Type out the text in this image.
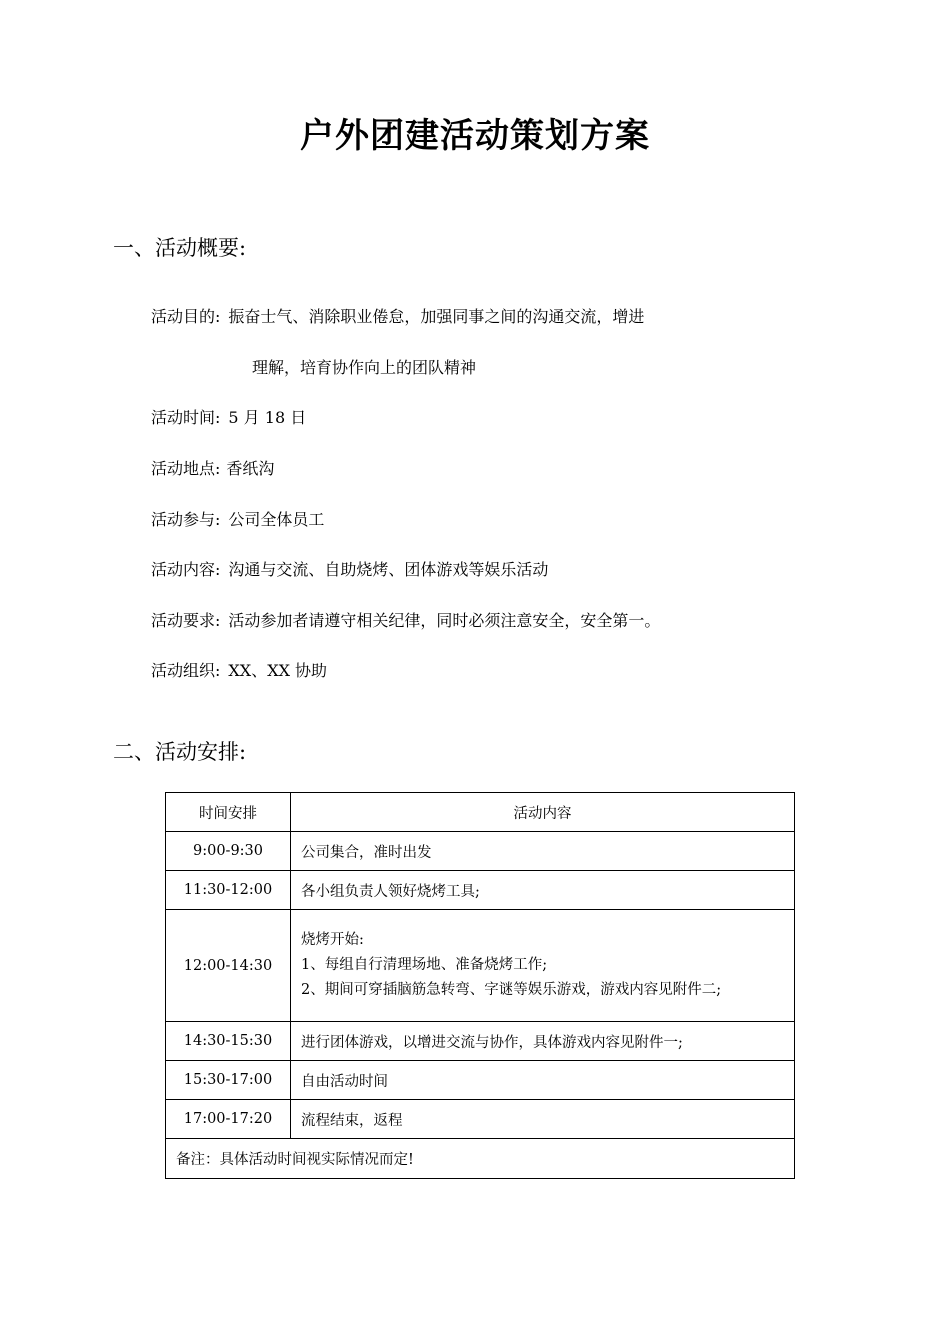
户外团建活动策划方案
一、活动概要:
活动目的: 振奋士气、消除职业倦怠，加强同事之间的沟通交流，增进
理解，培育协作向上的团队精神
活动时间: 5 月 18 日
活动地点: 香纸沟
活动参与: 公司全体员工
活动内容: 沟通与交流、自助烧烤、团体游戏等娱乐活动
活动要求: 活动参加者请遵守相关纪律，同时必须注意安全，安全第一。
活动组织: XX、XX 协助
二、活动安排:
时间安排	活动内容
9:00-9:30	公司集合，准时出发
11:30-12:00	各小组负责人领好烧烤工具;
12:00-14:30	烧烤开始:
1、每组自行清理场地、准备烧烤工作;
2、期间可穿插脑筋急转弯、字谜等娱乐游戏，游戏内容见附件二;

14:30-15:30	进行团体游戏，以增进交流与协作，具体游戏内容见附件一;
15:30-17:00	自由活动时间
17:00-17:20	流程结束，返程
备注：具体活动时间视实际情况而定!	
